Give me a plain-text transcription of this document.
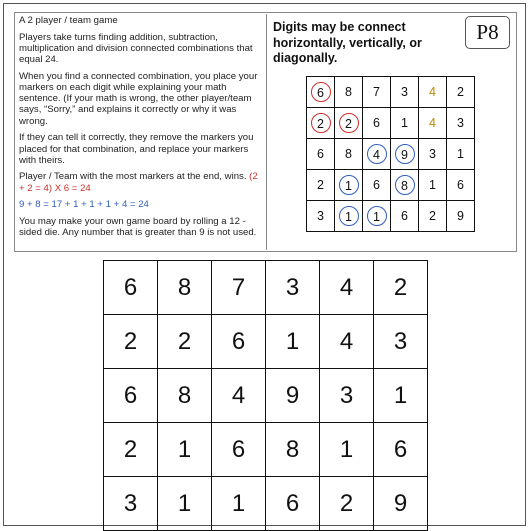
A 2 player / team game

Players take turns finding addition, subtraction, multiplication and division connected combinations that equal 24.

When you find a connected combination, you place your markers on each digit while explaining your math sentence. (If your math is wrong, the other player/team says, “Sorry,” and explains it correctly or why it was wrong.

If they can tell it correctly, they remove the markers you placed for that combination, and replace your markers with theirs.

Player / Team with the most markers at the end, wins. (2 + 2 = 4) X 6 = 24

9 + 8 = 17 + 1 + 1 + 1 + 4 = 24

You may make your own game board by rolling a 12 -sided die. Any number that is greater than 9 is not used.

Digits may be connect horizontally, vertically, or diagonally.
P8
6	8	7	3	4	2
2	2	6	1	4	3
6	8	4	9	3	1
2	1	6	8	1	6
3	1	1	6	2	9
6	8	7	3	4	2
2	2	6	1	4	3
6	8	4	9	3	1
2	1	6	8	1	6
3	1	1	6	2	9
